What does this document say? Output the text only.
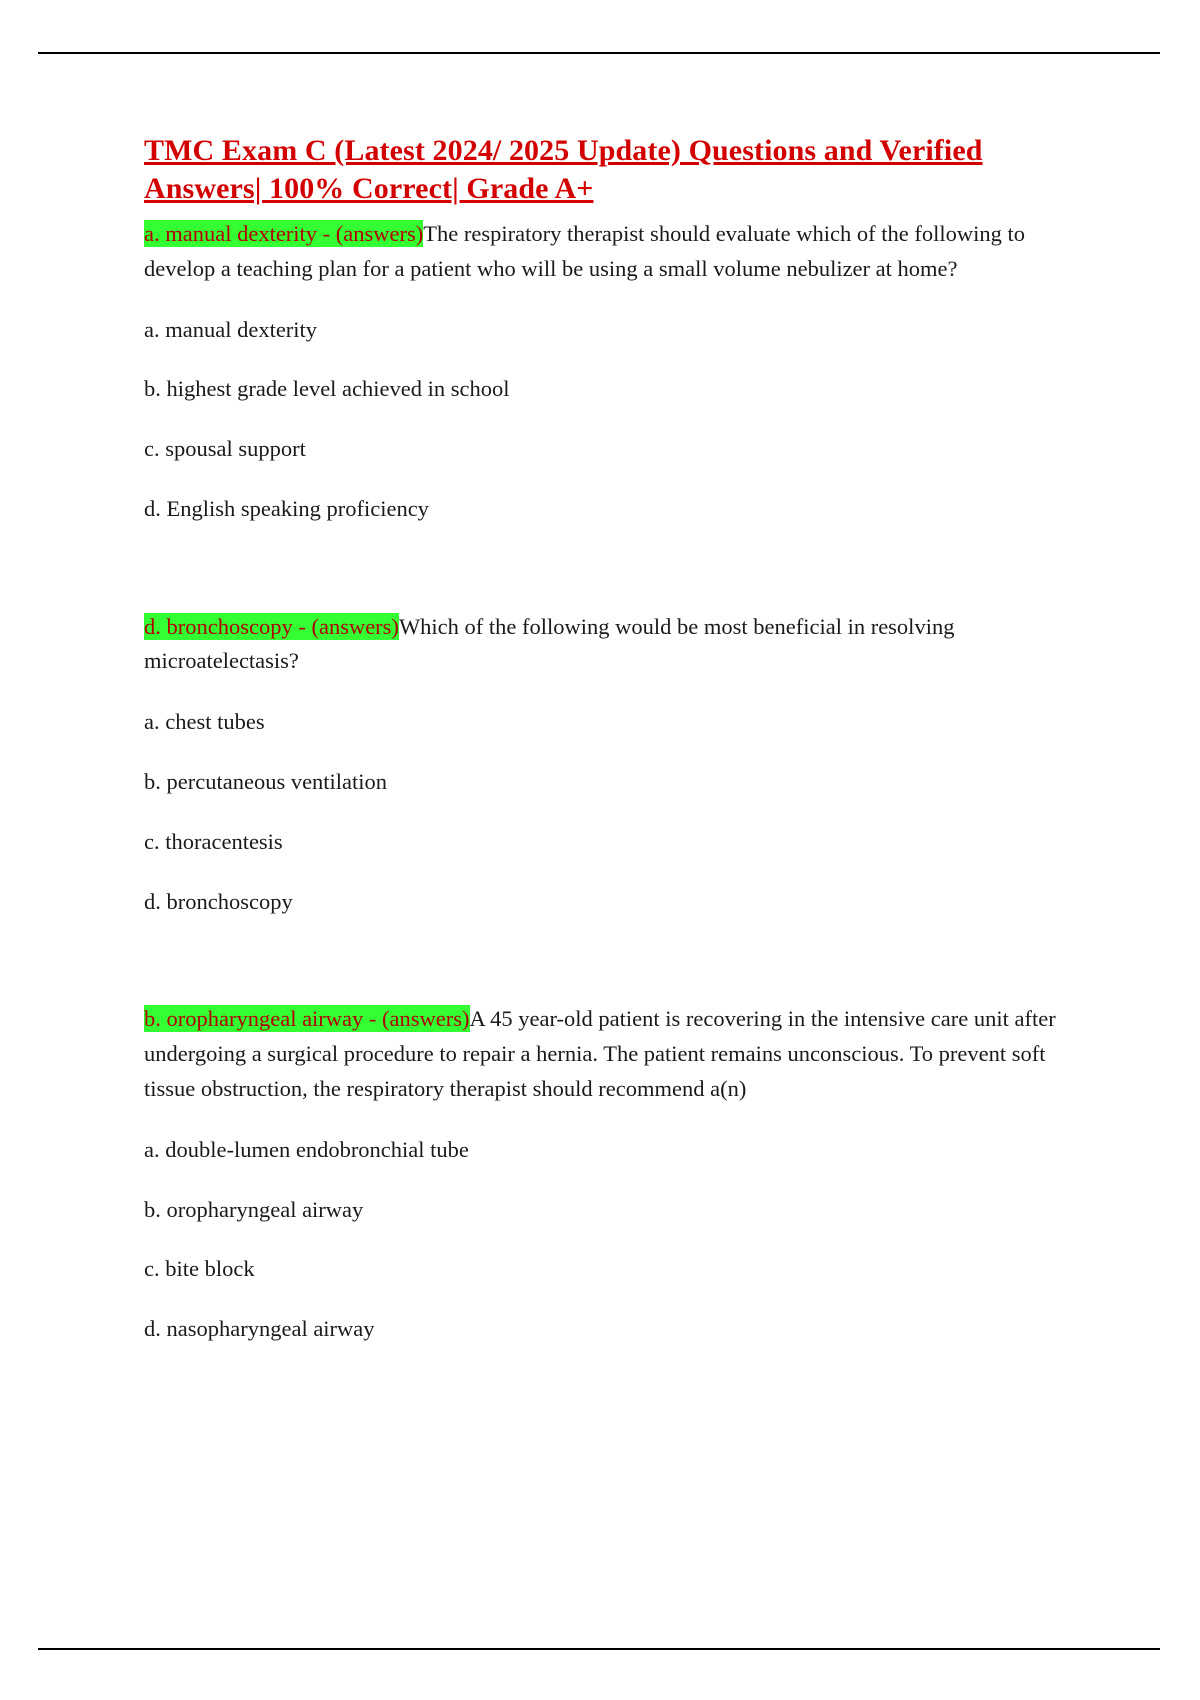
TMC Exam C (Latest 2024/ 2025 Update) Questions and Verified Answers| 100% Correct| Grade A+

a. manual dexterity - (answers)The respiratory therapist should evaluate which of the following to develop a teaching plan for a patient who will be using a small volume nebulizer at home?

a. manual dexterity

b. highest grade level achieved in school

c. spousal support

d. English speaking proficiency

d. bronchoscopy - (answers)Which of the following would be most beneficial in resolving microatelectasis?

a. chest tubes

b. percutaneous ventilation

c. thoracentesis

d. bronchoscopy

b. oropharyngeal airway - (answers)A 45 year-old patient is recovering in the intensive care unit after undergoing a surgical procedure to repair a hernia. The patient remains unconscious. To prevent soft tissue obstruction, the respiratory therapist should recommend a(n)

a. double-lumen endobronchial tube

b. oropharyngeal airway

c. bite block

d. nasopharyngeal airway
